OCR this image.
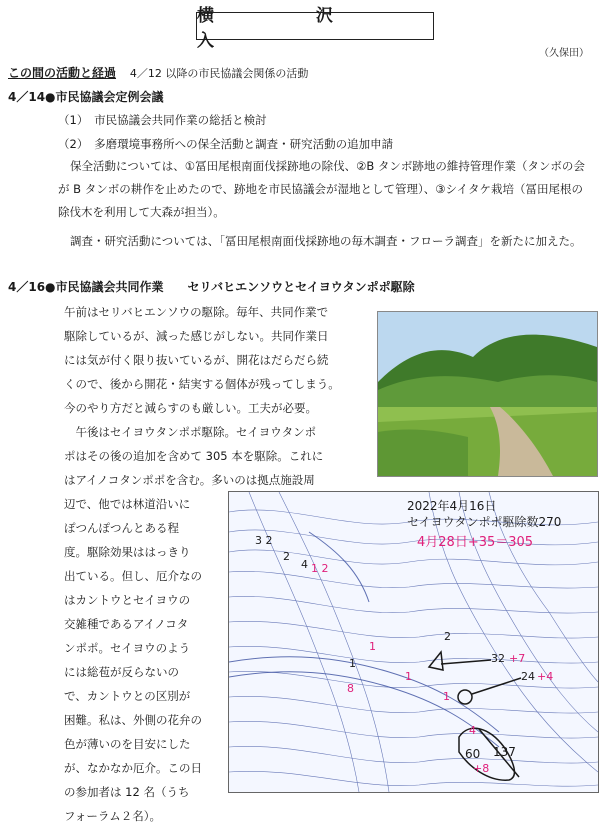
横 沢 入
（久保田）
この間の活動と経過 4／12 以降の市民協議会関係の活動
4／14●市民協議会定例会議
（1）　市民協議会共同作業の総括と検討
（2）　多磨環境事務所への保全活動と調査・研究活動の追加申請
保全活動については、①冨田尾根南面伐採跡地の除伐、②B タンボ跡地の維持管理作業（タンボの会が B タンボの耕作を止めたので、跡地を市民協議会が湿地として管理）、③シイタケ栽培（冨田尾根の除伐木を利用して大森が担当）。
調査・研究活動については、「冨田尾根南面伐採跡地の毎木調査・フローラ調査」を新たに加えた。
4／16●市民協議会共同作業　　セリバヒエンソウとセイヨウタンポポ駆除
午前はセリバヒエンソウの駆除。毎年、共同作業で
駆除しているが、減った感じがしない。共同作業日
には気が付く限り抜いているが、開花はだらだら続
くので、後から開花・結実する個体が残ってしまう。
今のやり方だと減らすのも厳しい。工夫が必要。
　午後はセイヨウタンポポ駆除。セイヨウタンポ
ポはその後の追加を含めて 305 本を駆除。これに
はアイノコタンポポを含む。多いのは拠点施設周
辺で、他では林道沿いに
ぽつんぽつんとある程
度。駆除効果ははっきり
出ている。但し、厄介なの
はカントウとセイヨウの
交雑種であるアイノコタ
ンポポ。セイヨウのよう
には総苞が反らないの
で、カントウとの区別が
困難。私は、外側の花弁の
色が薄いのを目安にした
が、なかなか厄介。この日
の参加者は 12 名（うち
フォーラム２名）。
2022年4月16日
セイヨウタンポポ駆除数270
4月28日+35＝305
3 2
2
4 1 2
2
32 +7
24 +4
1
1
8
1
1
4
60 137
+8
